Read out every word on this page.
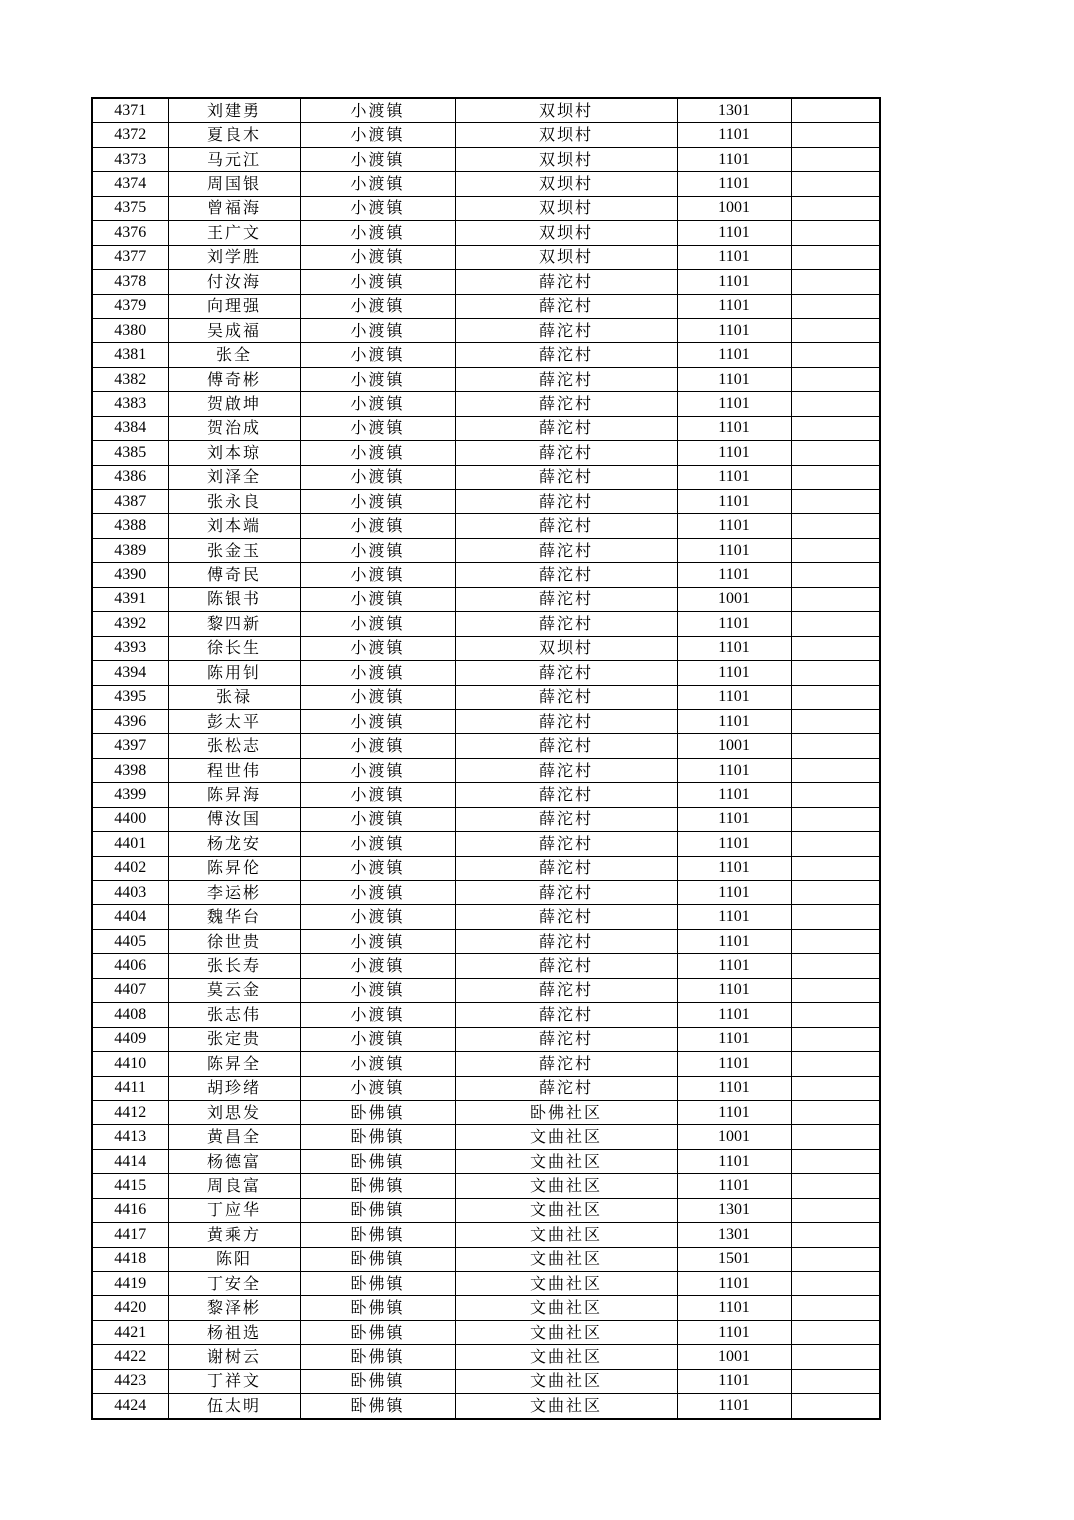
4371	刘建勇	小渡镇	双坝村	1301	
4372	夏良木	小渡镇	双坝村	1101	
4373	马元江	小渡镇	双坝村	1101	
4374	周国银	小渡镇	双坝村	1101	
4375	曾福海	小渡镇	双坝村	1001	
4376	王广文	小渡镇	双坝村	1101	
4377	刘学胜	小渡镇	双坝村	1101	
4378	付汝海	小渡镇	薛沱村	1101	
4379	向理强	小渡镇	薛沱村	1101	
4380	吴成福	小渡镇	薛沱村	1101	
4381	张全	小渡镇	薛沱村	1101	
4382	傅奇彬	小渡镇	薛沱村	1101	
4383	贺啟坤	小渡镇	薛沱村	1101	
4384	贺治成	小渡镇	薛沱村	1101	
4385	刘本琼	小渡镇	薛沱村	1101	
4386	刘泽全	小渡镇	薛沱村	1101	
4387	张永良	小渡镇	薛沱村	1101	
4388	刘本端	小渡镇	薛沱村	1101	
4389	张金玉	小渡镇	薛沱村	1101	
4390	傅奇民	小渡镇	薛沱村	1101	
4391	陈银书	小渡镇	薛沱村	1001	
4392	黎四新	小渡镇	薛沱村	1101	
4393	徐长生	小渡镇	双坝村	1101	
4394	陈用钊	小渡镇	薛沱村	1101	
4395	张禄	小渡镇	薛沱村	1101	
4396	彭太平	小渡镇	薛沱村	1101	
4397	张松志	小渡镇	薛沱村	1001	
4398	程世伟	小渡镇	薛沱村	1101	
4399	陈昇海	小渡镇	薛沱村	1101	
4400	傅汝国	小渡镇	薛沱村	1101	
4401	杨龙安	小渡镇	薛沱村	1101	
4402	陈昇伦	小渡镇	薛沱村	1101	
4403	李运彬	小渡镇	薛沱村	1101	
4404	魏华台	小渡镇	薛沱村	1101	
4405	徐世贵	小渡镇	薛沱村	1101	
4406	张长寿	小渡镇	薛沱村	1101	
4407	莫云金	小渡镇	薛沱村	1101	
4408	张志伟	小渡镇	薛沱村	1101	
4409	张定贵	小渡镇	薛沱村	1101	
4410	陈昇全	小渡镇	薛沱村	1101	
4411	胡珍绪	小渡镇	薛沱村	1101	
4412	刘思发	卧佛镇	卧佛社区	1101	
4413	黄昌全	卧佛镇	文曲社区	1001	
4414	杨德富	卧佛镇	文曲社区	1101	
4415	周良富	卧佛镇	文曲社区	1101	
4416	丁应华	卧佛镇	文曲社区	1301	
4417	黄乘方	卧佛镇	文曲社区	1301	
4418	陈阳	卧佛镇	文曲社区	1501	
4419	丁安全	卧佛镇	文曲社区	1101	
4420	黎泽彬	卧佛镇	文曲社区	1101	
4421	杨祖选	卧佛镇	文曲社区	1101	
4422	谢树云	卧佛镇	文曲社区	1001	
4423	丁祥文	卧佛镇	文曲社区	1101	
4424	伍太明	卧佛镇	文曲社区	1101	
